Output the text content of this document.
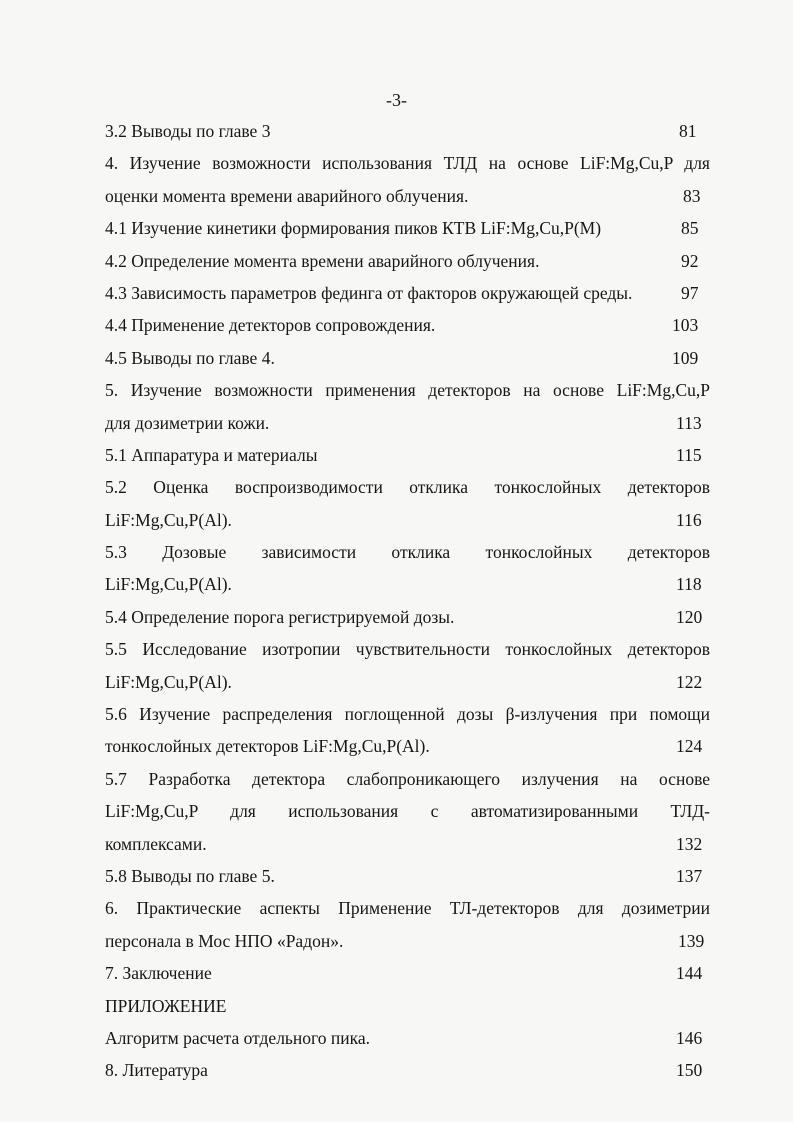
-3-
3.2 Выводы по главе 3	81
4. Изучение возможности использования ТЛД на основе LiF:Mg,Cu,P для
оценки момента времени аварийного облучения.	83
4.1 Изучение кинетики формирования пиков КТВ LiF:Mg,Cu,P(M)	85
4.2 Определение момента времени аварийного облучения.	92
4.3 Зависимость параметров фединга от факторов окружающей среды.	97
4.4 Применение детекторов сопровождения.	103
4.5 Выводы по главе 4.	109
5. Изучение возможности применения детекторов на основе LiF:Mg,Cu,P
для дозиметрии кожи.	113
5.1 Аппаратура и материалы	115
5.2 Оценка воспроизводимости отклика тонкослойных детекторов
LiF:Mg,Cu,P(Al).	116
5.3 Дозовые зависимости отклика тонкослойных детекторов
LiF:Mg,Cu,P(Al).	118
5.4 Определение порога регистрируемой дозы.	120
5.5 Исследование изотропии чувствительности тонкослойных детекторов
LiF:Mg,Cu,P(Al).	122
5.6 Изучение распределения поглощенной дозы β-излучения при помощи
тонкослойных детекторов LiF:Mg,Cu,P(Al).	124
5.7 Разработка детектора слабопроникающего излучения на основе
LiF:Mg,Cu,P для использования с автоматизированными ТЛД-
комплексами.	132
5.8 Выводы по главе 5.	137
6. Практические аспекты Применение ТЛ-детекторов для дозиметрии
персонала в Мос НПО «Радон».	139
7. Заключение	144
ПРИЛОЖЕНИЕ
Алгоритм расчета отдельного пика.	146
8. Литература	150
